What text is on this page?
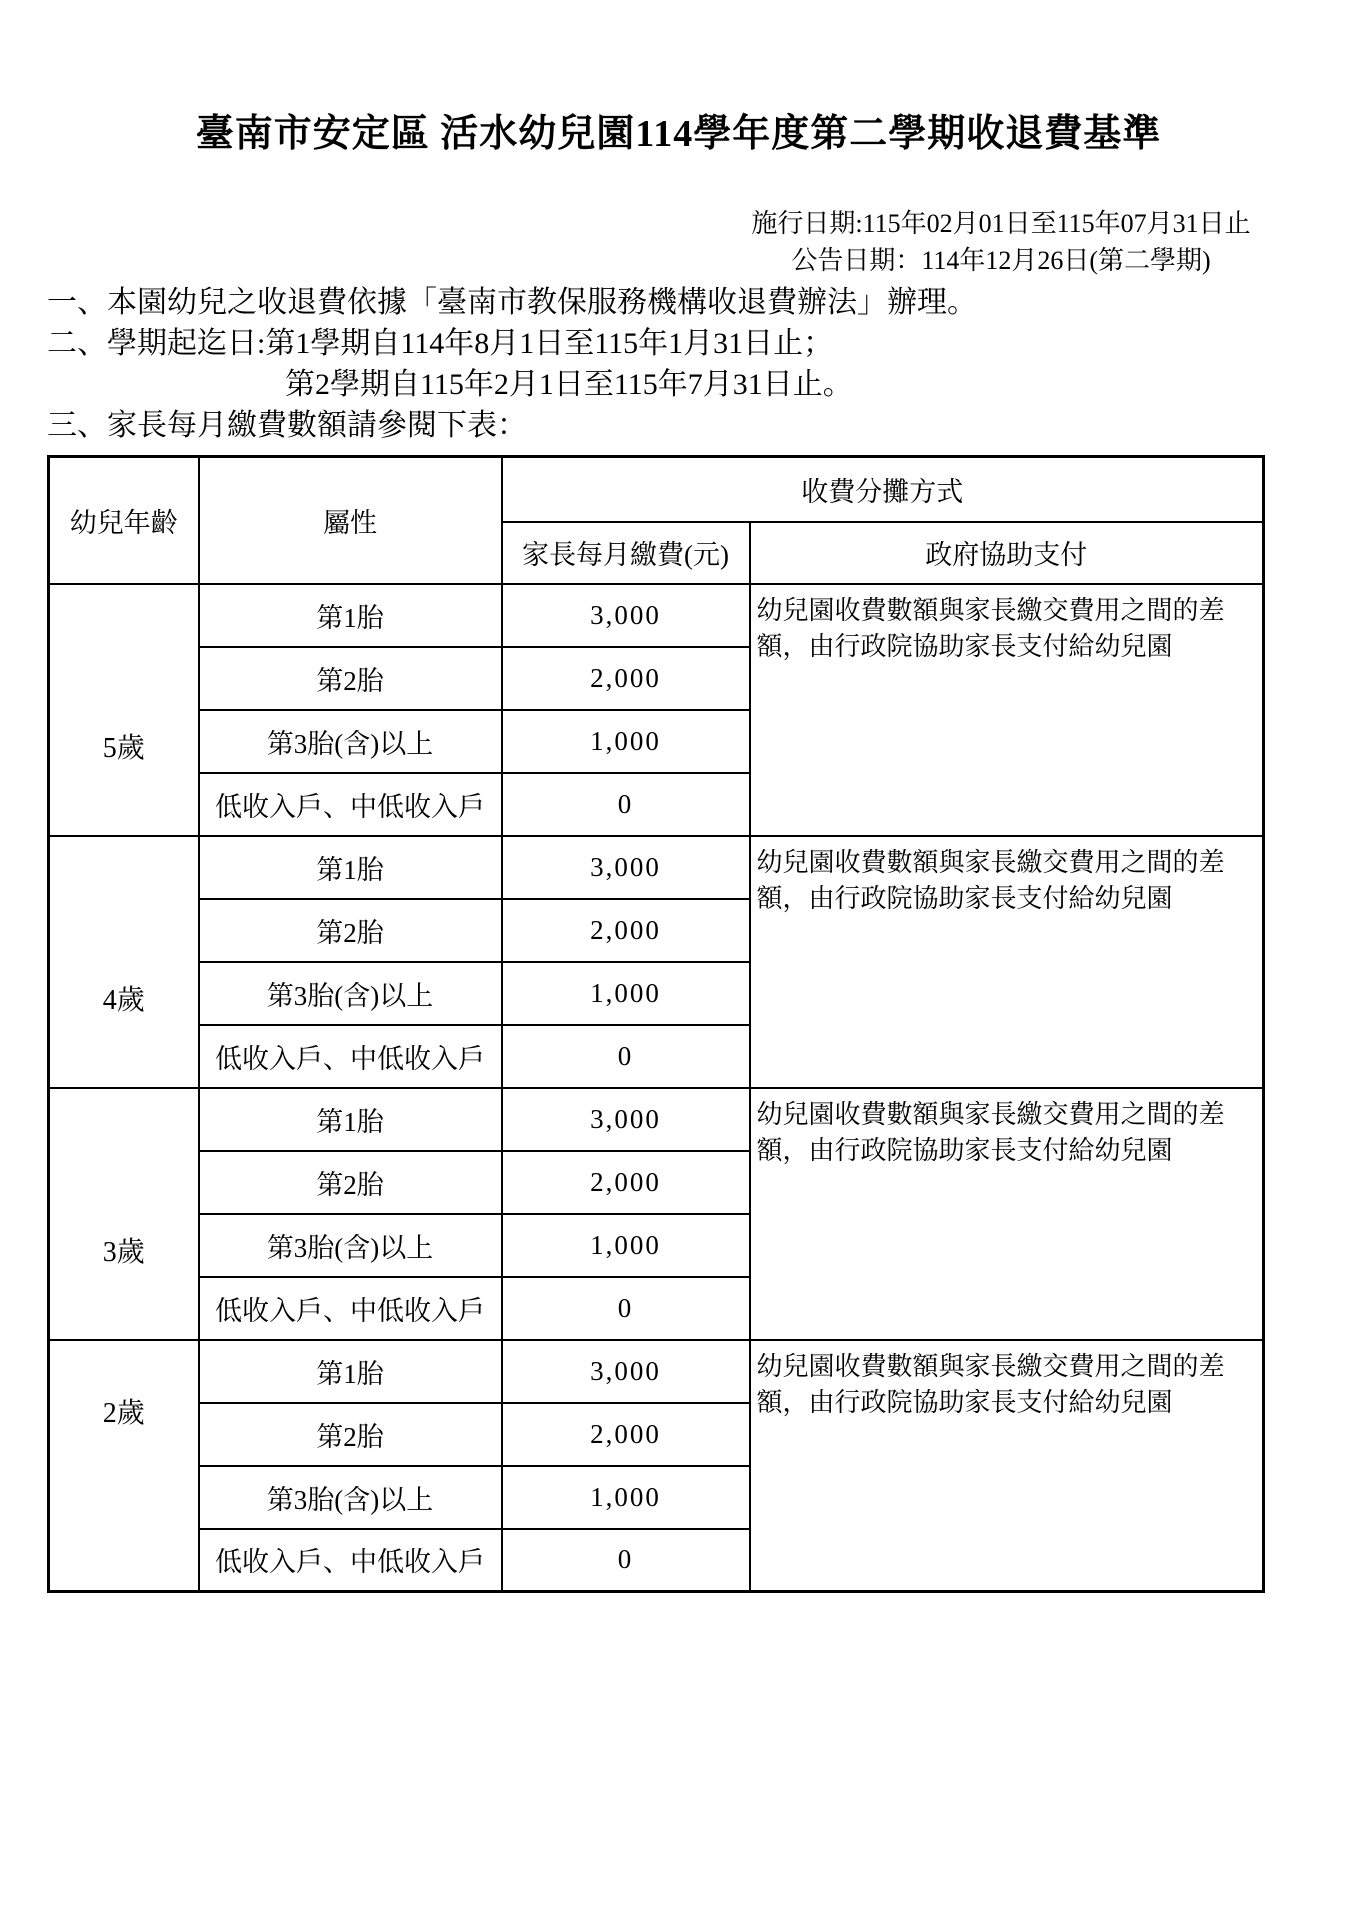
臺南市安定區 活水幼兒園114學年度第二學期收退費基準
施行日期:115年02月01日至115年07月31日止
公告日期：114年12月26日(第二學期)
一、本園幼兒之收退費依據「臺南市教保服務機構收退費辦法」辦理。
二、學期起迄日:第1學期自114年8月1日至115年1月31日止；
第2學期自115年2月1日至115年7月31日止。
三、家長每月繳費數額請參閱下表：
幼兒年齡	屬性	收費分攤方式	
		家長每月繳費(元)	政府協助支付
5歲	第1胎	3,000	幼兒園收費數額與家長繳交費用之間的差額，由行政院協助家長支付給幼兒園
	第2胎	2,000	
	第3胎(含)以上	1,000	
	低收入戶、中低收入戶	0	
4歲	第1胎	3,000	幼兒園收費數額與家長繳交費用之間的差額，由行政院協助家長支付給幼兒園
	第2胎	2,000	
	第3胎(含)以上	1,000	
	低收入戶、中低收入戶	0	
3歲	第1胎	3,000	幼兒園收費數額與家長繳交費用之間的差額，由行政院協助家長支付給幼兒園
	第2胎	2,000	
	第3胎(含)以上	1,000	
	低收入戶、中低收入戶	0	
2歲	第1胎	3,000	幼兒園收費數額與家長繳交費用之間的差額，由行政院協助家長支付給幼兒園
	第2胎	2,000	
	第3胎(含)以上	1,000	
	低收入戶、中低收入戶	0	
